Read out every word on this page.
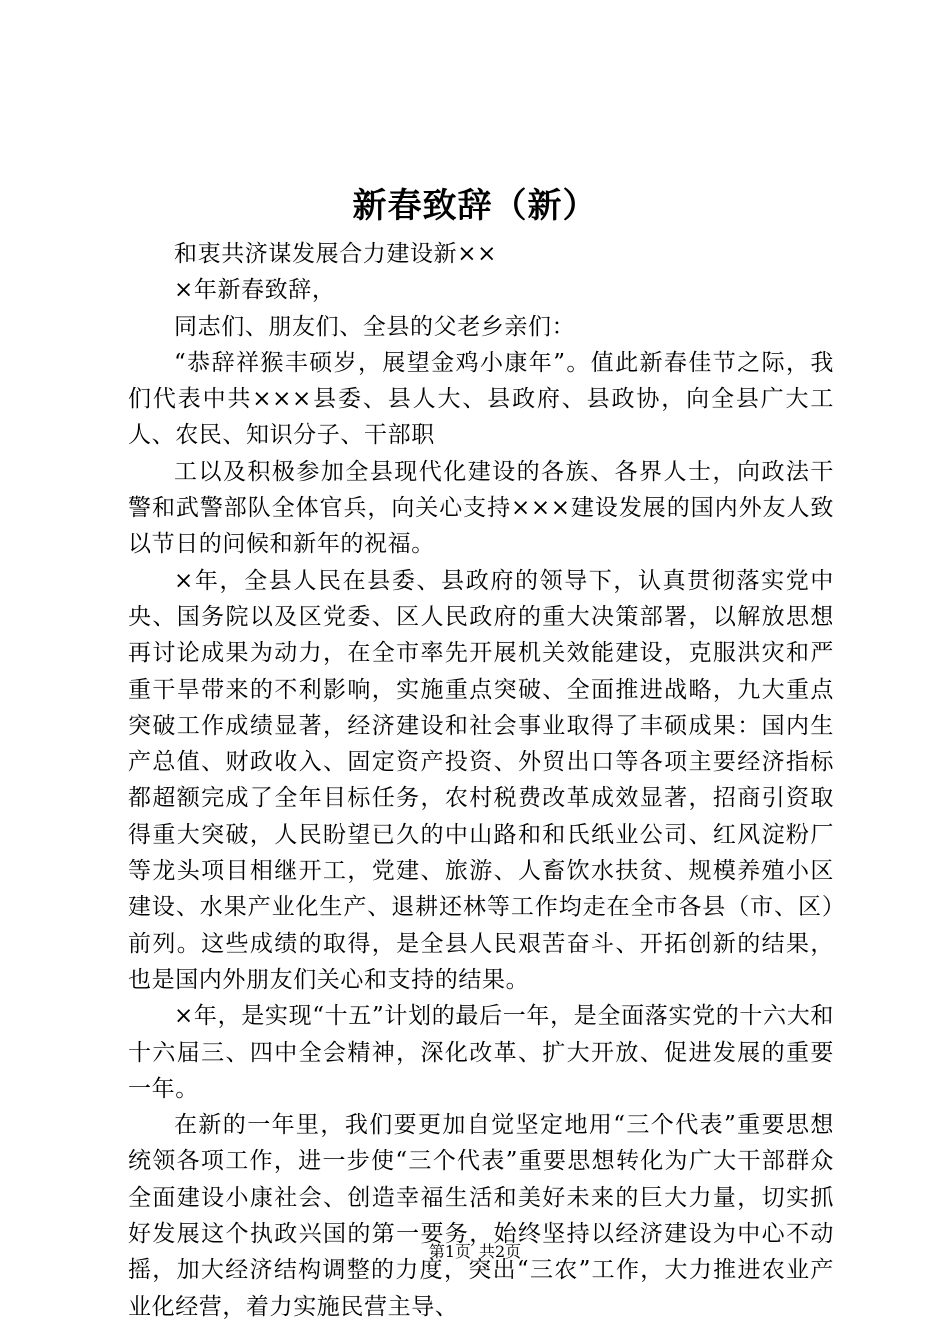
新春致辞（新）

和衷共济谋发展合力建设新××

×年新春致辞，

同志们、朋友们、全县的父老乡亲们：

“恭辞祥猴丰硕岁，展望金鸡小康年”。值此新春佳节之际，我们代表中共×××县委、县人大、县政府、县政协，向全县广大工人、农民、知识分子、干部职

工以及积极参加全县现代化建设的各族、各界人士，向政法干警和武警部队全体官兵，向关心支持×××建设发展的国内外友人致以节日的问候和新年的祝福。

×年，全县人民在县委、县政府的领导下，认真贯彻落实党中央、国务院以及区党委、区人民政府的重大决策部署，以解放思想再讨论成果为动力，在全市率先开展机关效能建设，克服洪灾和严重干旱带来的不利影响，实施重点突破、全面推进战略，九大重点突破工作成绩显著，经济建设和社会事业取得了丰硕成果：国内生产总值、财政收入、固定资产投资、外贸出口等各项主要经济指标都超额完成了全年目标任务，农村税费改革成效显著，招商引资取得重大突破，人民盼望已久的中山路和和氏纸业公司、红风淀粉厂等龙头项目相继开工，党建、旅游、人畜饮水扶贫、规模养殖小区建设、水果产业化生产、退耕还林等工作均走在全市各县（市、区）前列。这些成绩的取得，是全县人民艰苦奋斗、开拓创新的结果，也是国内外朋友们关心和支持的结果。

×年，是实现“十五”计划的最后一年，是全面落实党的十六大和十六届三、四中全会精神，深化改革、扩大开放、促进发展的重要一年。

在新的一年里，我们要更加自觉坚定地用“三个代表”重要思想统领各项工作，进一步使“三个代表”重要思想转化为广大干部群众全面建设小康社会、创造幸福生活和美好未来的巨大力量，切实抓好发展这个执政兴国的第一要务，始终坚持以经济建设为中心不动摇，加大经济结构调整的力度，突出“三农”工作，大力推进农业产业化经营，着力实施民营主导、

第1页 共2页
